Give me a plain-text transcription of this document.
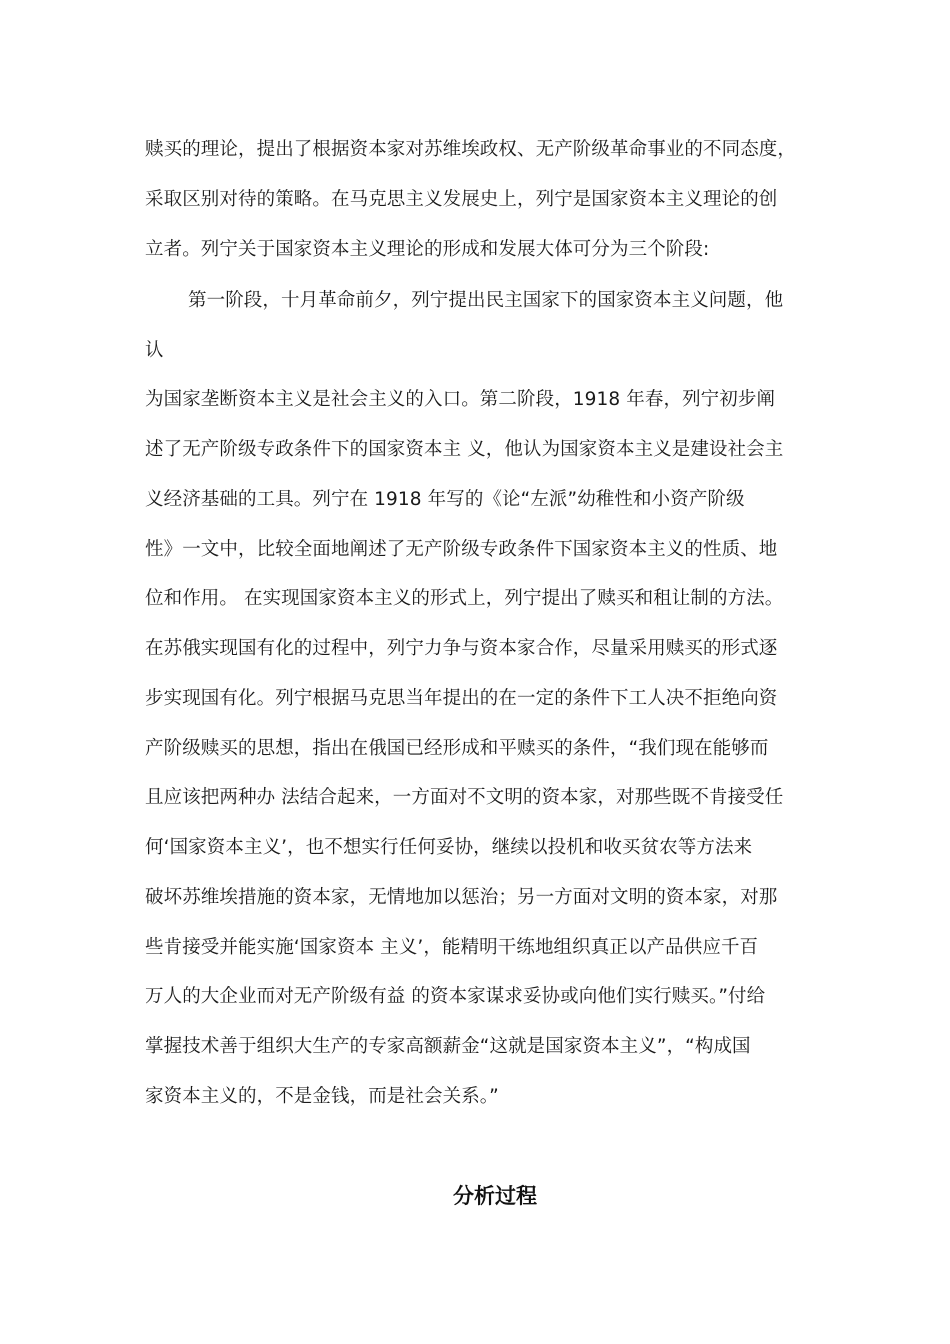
赎买的理论，提出了根据资本家对苏维埃政权、无产阶级革命事业的不同态度，
采取区别对待的策略。在马克思主义发展史上，列宁是国家资本主义理论的创
立者。列宁关于国家资本主义理论的形成和发展大体可分为三个阶段:
第一阶段，十月革命前夕，列宁提出民主国家下的国家资本主义问题，他
认
为国家垄断资本主义是社会主义的入口。第二阶段，1918 年春，列宁初步阐
述了无产阶级专政条件下的国家资本主 义，他认为国家资本主义是建设社会主
义经济基础的工具。列宁在 1918 年写的《论“左派”幼稚性和小资产阶级
性》一文中，比较全面地阐述了无产阶级专政条件下国家资本主义的性质、地
位和作用。 在实现国家资本主义的形式上，列宁提出了赎买和租让制的方法。
在苏俄实现国有化的过程中，列宁力争与资本家合作，尽量采用赎买的形式逐
步实现国有化。列宁根据马克思当年提出的在一定的条件下工人决不拒绝向资
产阶级赎买的思想，指出在俄国已经形成和平赎买的条件，“我们现在能够而
且应该把两种办 法结合起来，一方面对不文明的资本家，对那些既不肯接受任
何‘国家资本主义’，也不想实行任何妥协，继续以投机和收买贫农等方法来
破坏苏维埃措施的资本家，无情地加以惩治；另一方面对文明的资本家，对那
些肯接受并能实施‘国家资本 主义’，能精明干练地组织真正以产品供应千百
万人的大企业而对无产阶级有益 的资本家谋求妥协或向他们实行赎买。”付给
掌握技术善于组织大生产的专家高额薪金“这就是国家资本主义”，“构成国
家资本主义的，不是金钱，而是社会关系。”
分析过程
